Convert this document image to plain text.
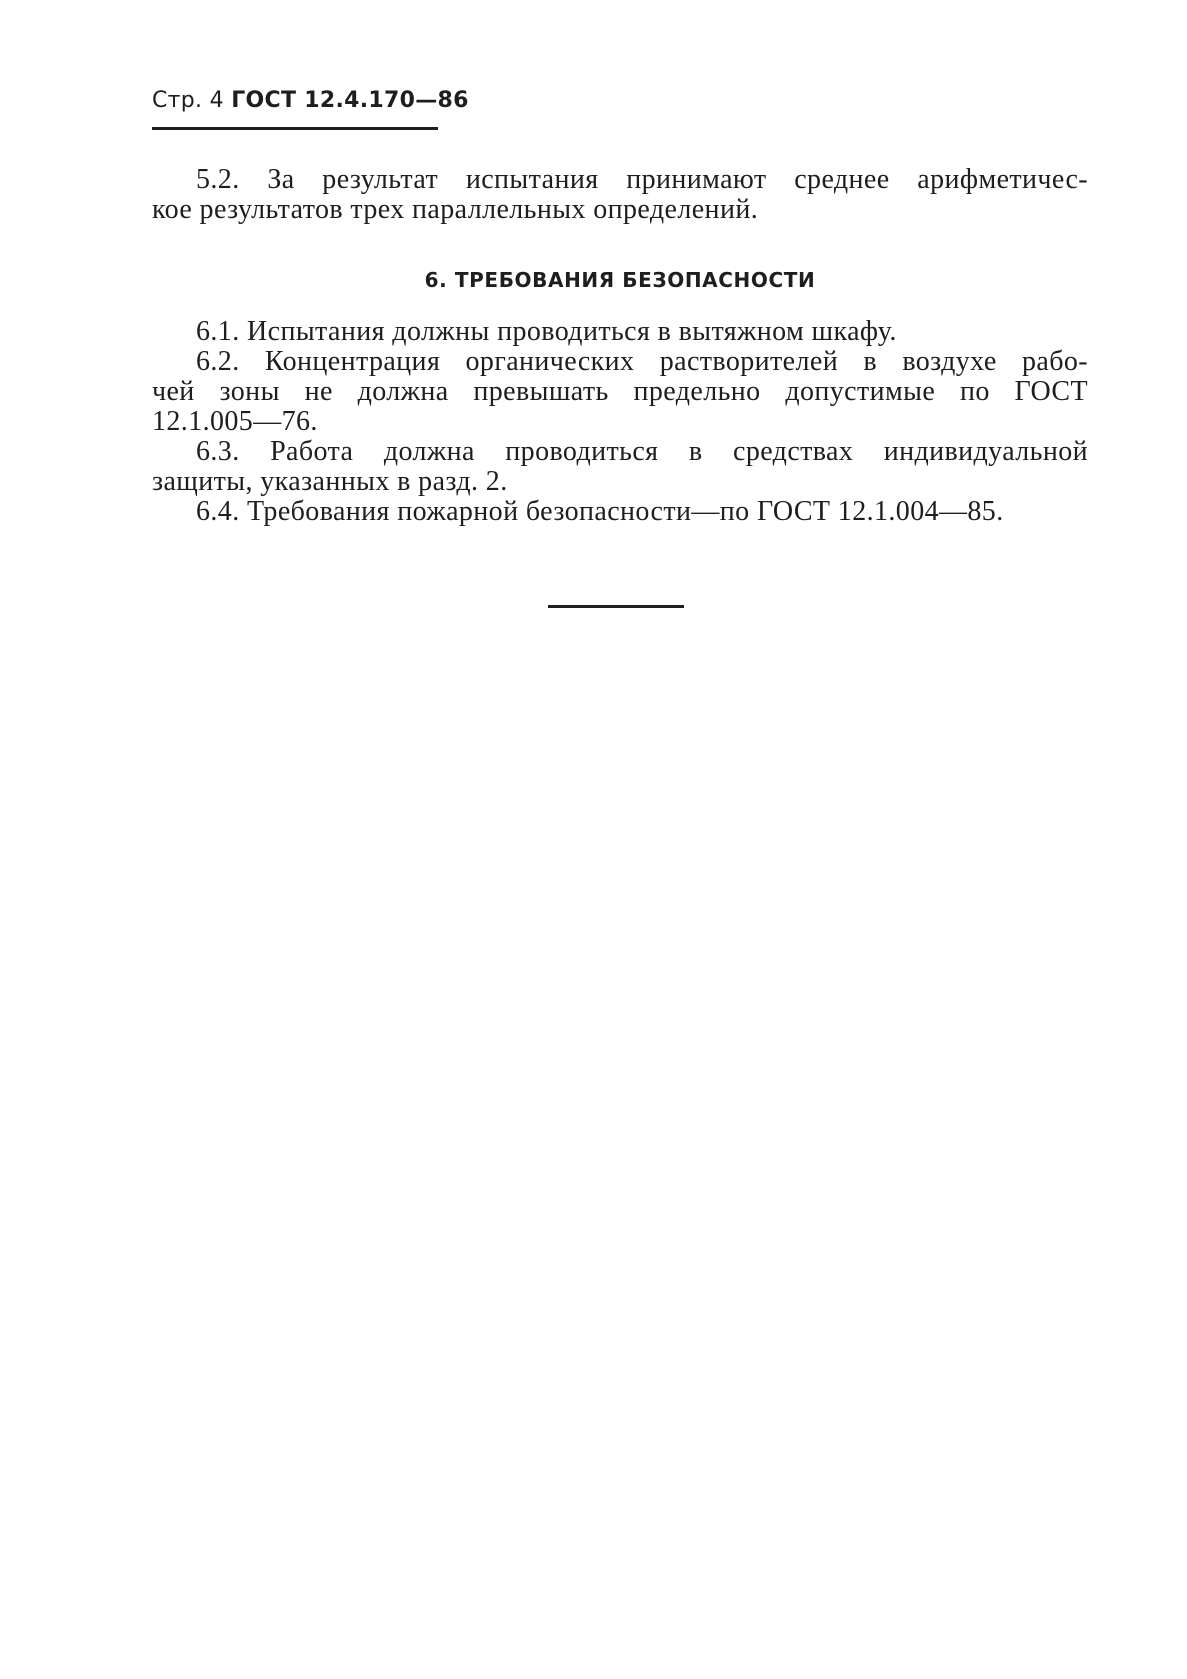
Стр. 4 ГОСТ 12.4.170—86
5.2. За результат испытания принимают среднее арифметичес-
кое результатов трех параллельных определений.
6. ТРЕБОВАНИЯ БЕЗОПАСНОСТИ
6.1. Испытания должны проводиться в вытяжном шкафу.
6.2. Концентрация органических растворителей в воздухе рабо-
чей зоны не должна превышать предельно допустимые по ГОСТ
12.1.005—76.
6.3. Работа должна проводиться в средствах индивидуальной
защиты, указанных в разд. 2.
6.4. Требования пожарной безопасности—по ГОСТ 12.1.004—85.
